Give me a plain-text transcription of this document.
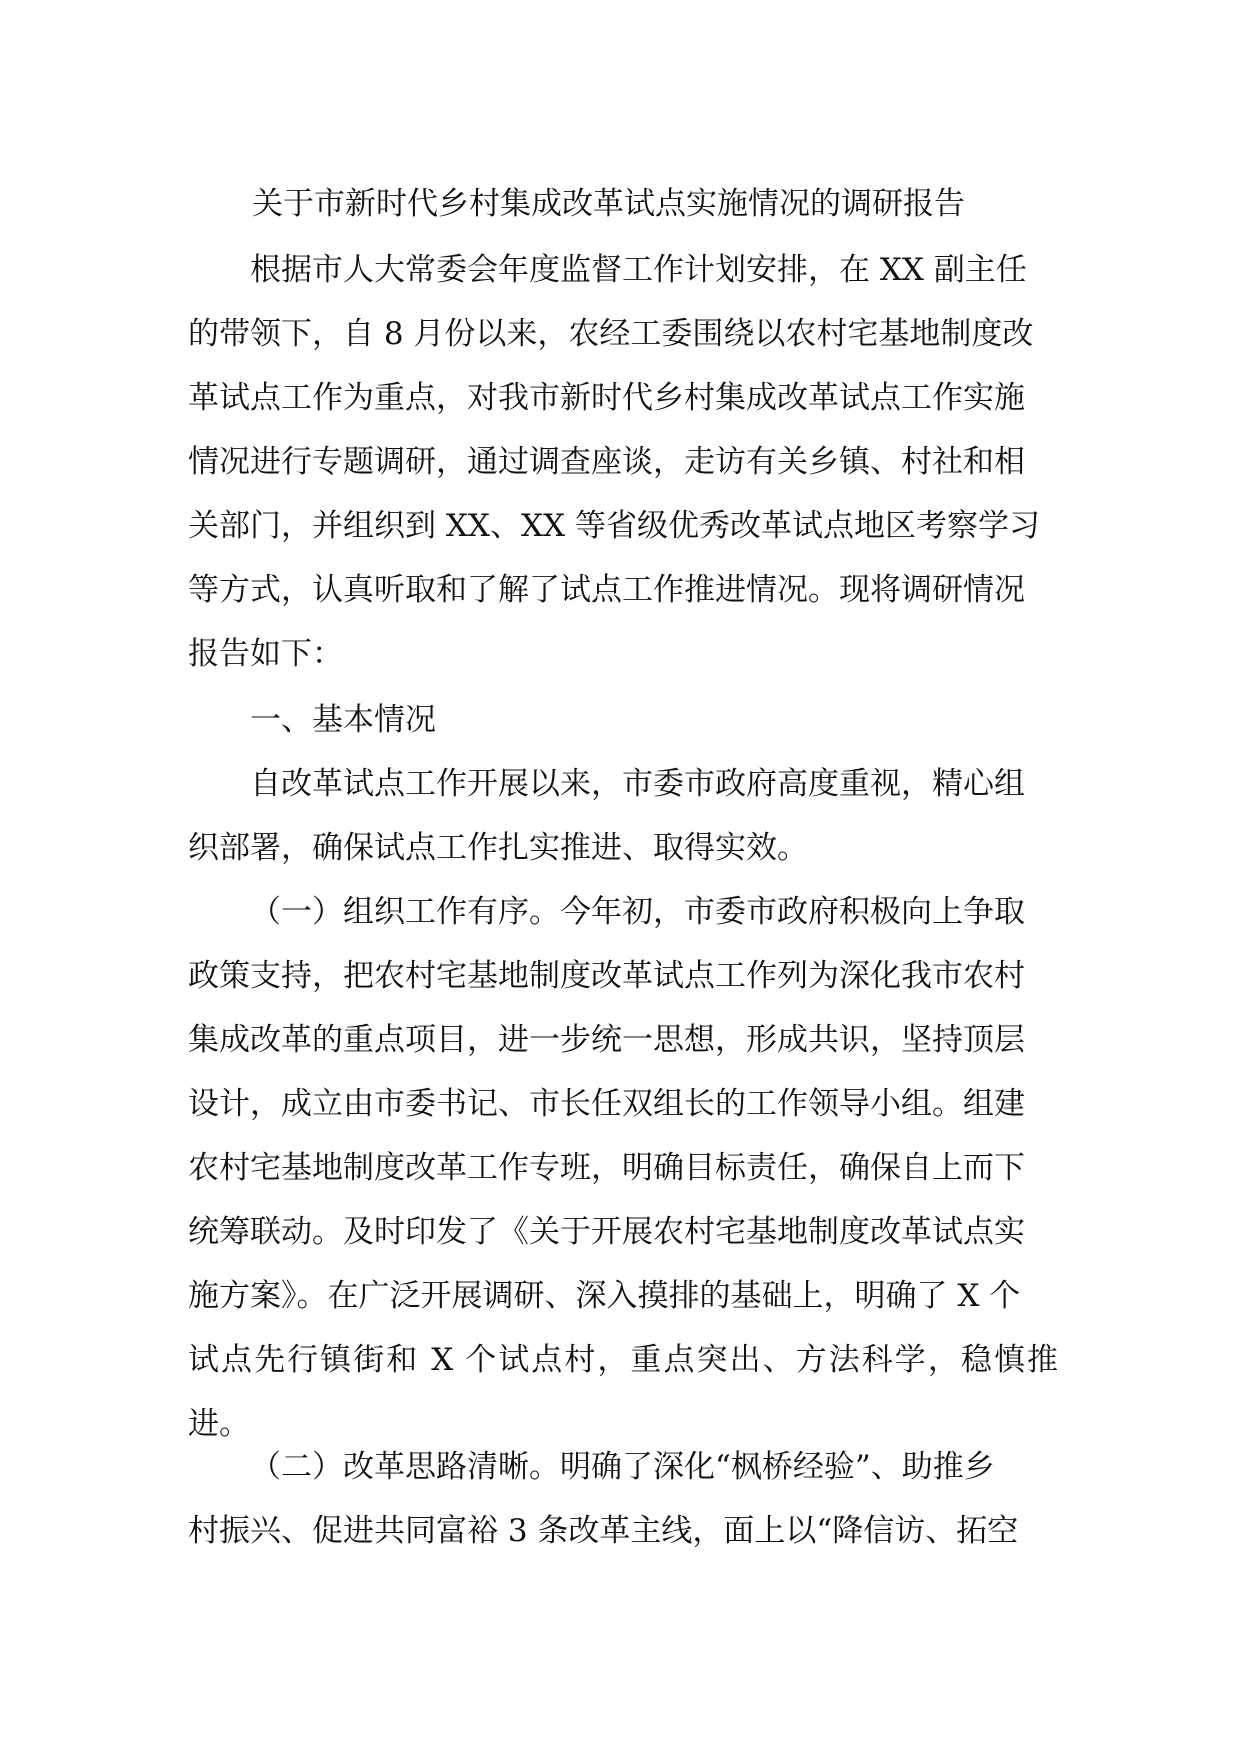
关于市新时代乡村集成改革试点实施情况的调研报告

根据市人大常委会年度监督工作计划安排，在 XX 副主任
的带领下，自 8 月份以来，农经工委围绕以农村宅基地制度改
革试点工作为重点，对我市新时代乡村集成改革试点工作实施
情况进行专题调研，通过调查座谈，走访有关乡镇、村社和相
关部门，并组织到 XX、XX 等省级优秀改革试点地区考察学习
等方式，认真听取和了解了试点工作推进情况。现将调研情况
报告如下：

一、基本情况

自改革试点工作开展以来，市委市政府高度重视，精心组
织部署，确保试点工作扎实推进、取得实效。

（一）组织工作有序。今年初，市委市政府积极向上争取
政策支持，把农村宅基地制度改革试点工作列为深化我市农村
集成改革的重点项目，进一步统一思想，形成共识，坚持顶层
设计，成立由市委书记、市长任双组长的工作领导小组。组建
农村宅基地制度改革工作专班，明确目标责任，确保自上而下
统筹联动。及时印发了《关于开展农村宅基地制度改革试点实
施方案》。在广泛开展调研、深入摸排的基础上，明确了 X 个
试点先行镇街和 X 个试点村，重点突出、方法科学，稳慎推进。

（二）改革思路清晰。明确了深化“枫桥经验”、助推乡
村振兴、促进共同富裕 3 条改革主线，面上以“降信访、拓空
